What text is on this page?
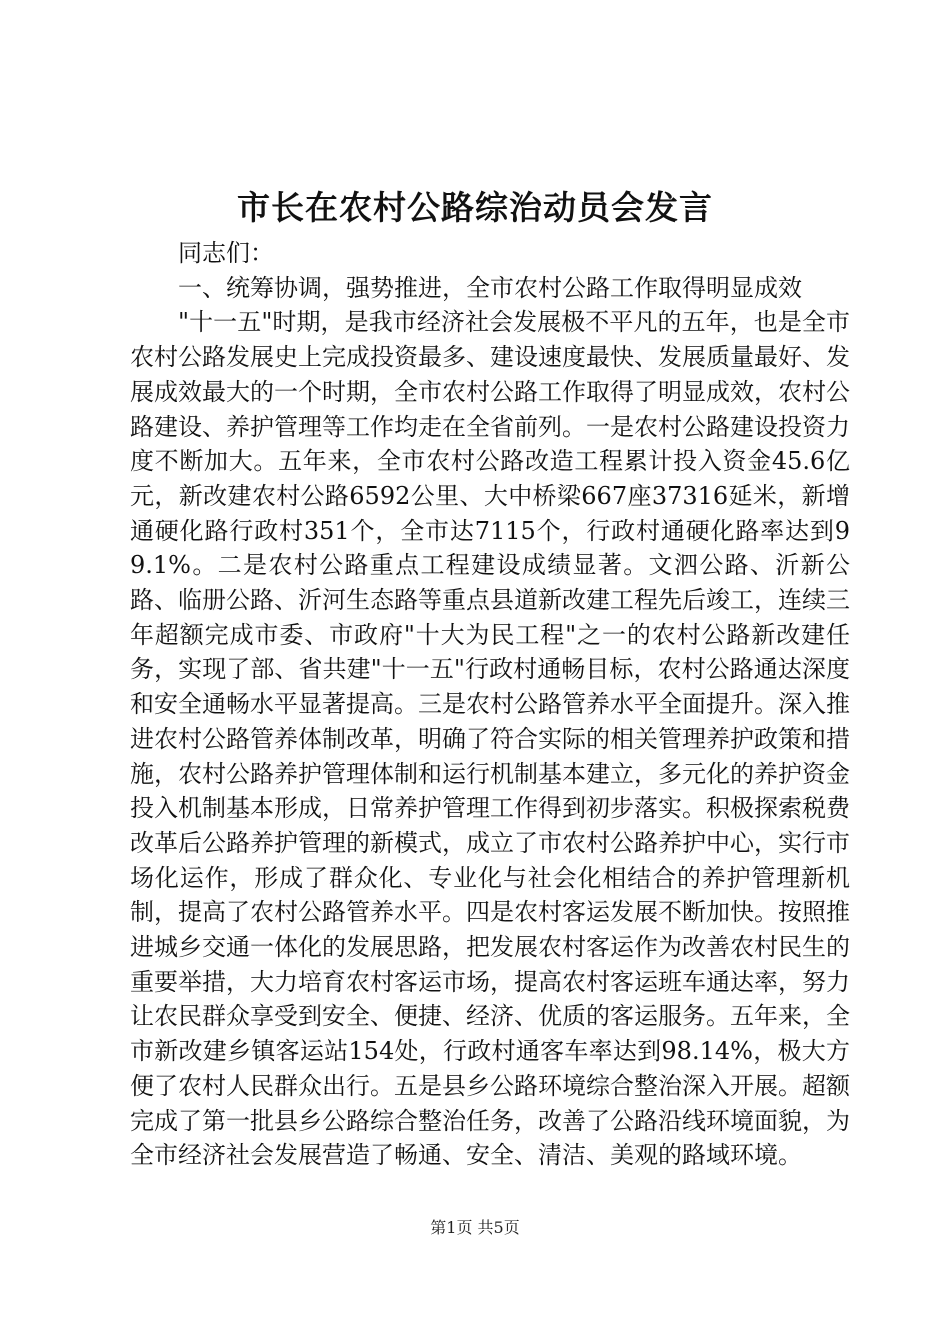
市长在农村公路综治动员会发言

同志们：

一、统筹协调，强势推进，全市农村公路工作取得明显成效

"十一五"时期，是我市经济社会发展极不平凡的五年，也是全市农村公路发展史上完成投资最多、建设速度最快、发展质量最好、发展成效最大的一个时期，全市农村公路工作取得了明显成效，农村公路建设、养护管理等工作均走在全省前列。一是农村公路建设投资力度不断加大。五年来，全市农村公路改造工程累计投入资金45.6亿元，新改建农村公路6592公里、大中桥梁667座37316延米，新增通硬化路行政村351个，全市达7115个，行政村通硬化路率达到99.1%。二是农村公路重点工程建设成绩显著。文泗公路、沂新公路、临册公路、沂河生态路等重点县道新改建工程先后竣工，连续三年超额完成市委、市政府"十大为民工程"之一的农村公路新改建任务，实现了部、省共建"十一五"行政村通畅目标，农村公路通达深度和安全通畅水平显著提高。三是农村公路管养水平全面提升。深入推进农村公路管养体制改革，明确了符合实际的相关管理养护政策和措施，农村公路养护管理体制和运行机制基本建立，多元化的养护资金投入机制基本形成，日常养护管理工作得到初步落实。积极探索税费改革后公路养护管理的新模式，成立了市农村公路养护中心，实行市场化运作，形成了群众化、专业化与社会化相结合的养护管理新机制，提高了农村公路管养水平。四是农村客运发展不断加快。按照推进城乡交通一体化的发展思路，把发展农村客运作为改善农村民生的重要举措，大力培育农村客运市场，提高农村客运班车通达率，努力让农民群众享受到安全、便捷、经济、优质的客运服务。五年来，全市新改建乡镇客运站154处，行政村通客车率达到98.14%，极大方便了农村人民群众出行。五是县乡公路环境综合整治深入开展。超额完成了第一批县乡公路综合整治任务，改善了公路沿线环境面貌，为全市经济社会发展营造了畅通、安全、清洁、美观的路域环境。

第1页 共5页
